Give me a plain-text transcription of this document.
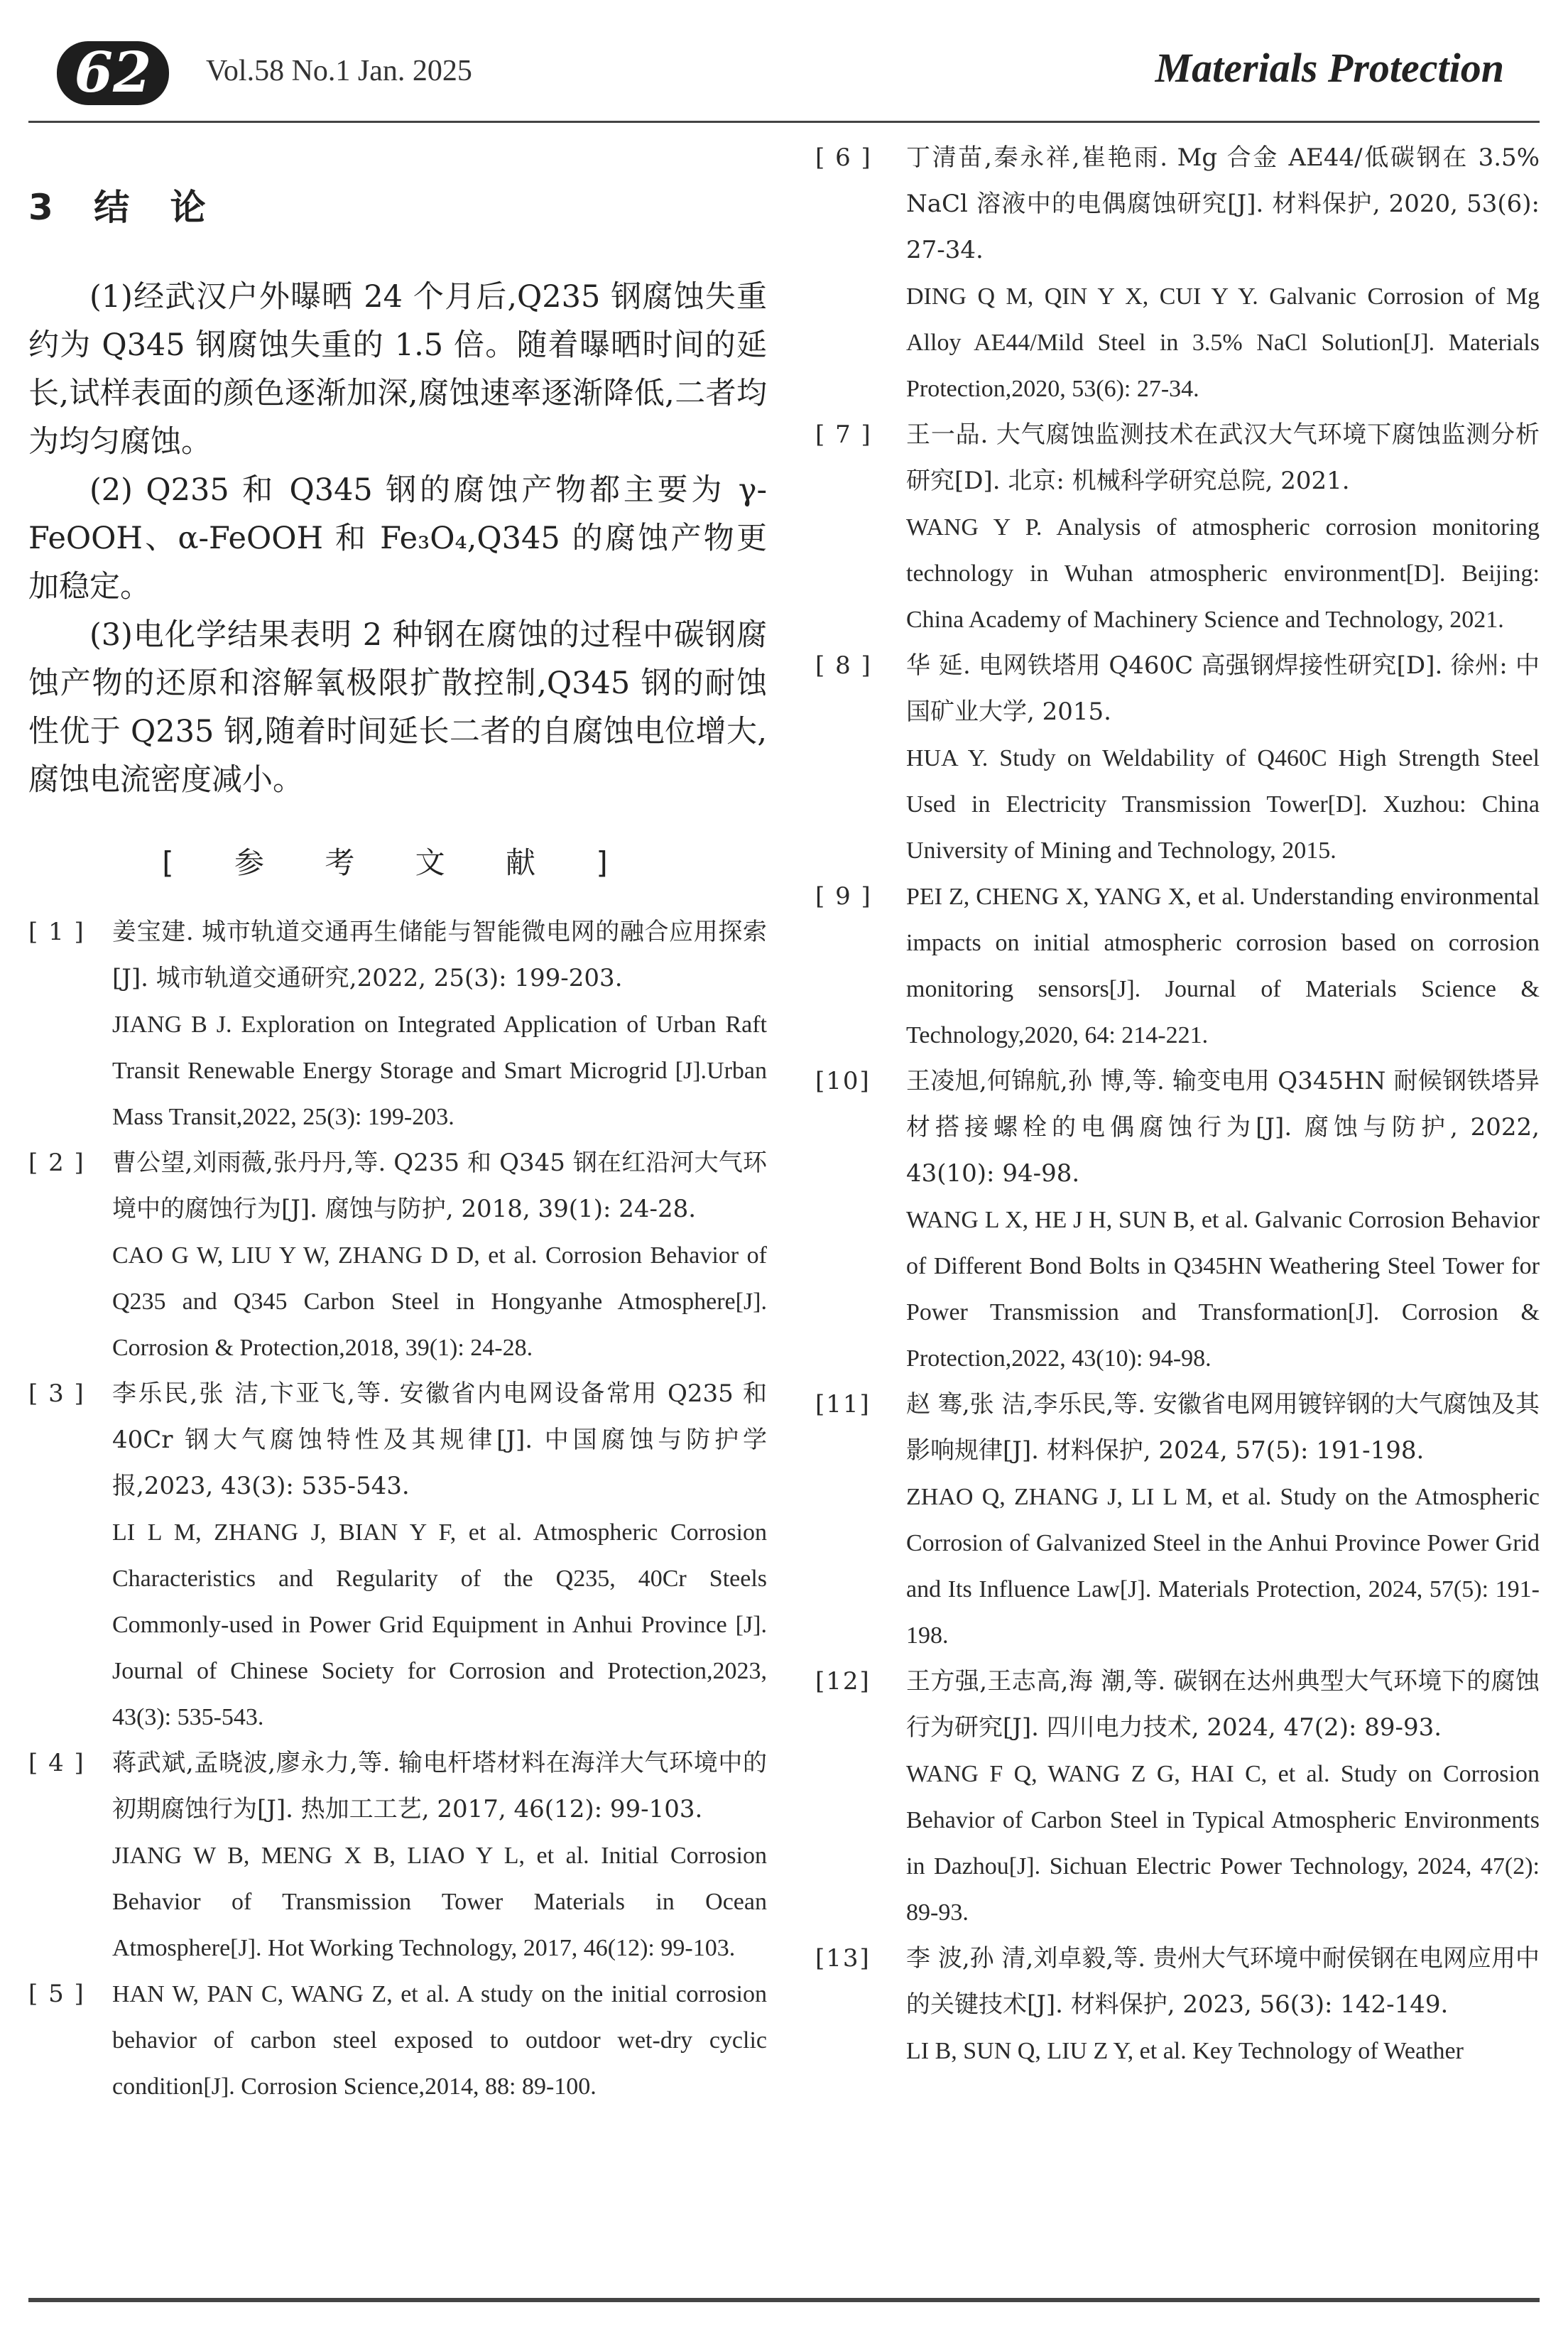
62	Vol.58 No.1 Jan. 2025	Materials Protection
3 结 论

(1)经武汉户外曝晒 24 个月后,Q235 钢腐蚀失重约为 Q345 钢腐蚀失重的 1.5 倍。随着曝晒时间的延长,试样表面的颜色逐渐加深,腐蚀速率逐渐降低,二者均为均匀腐蚀。

(2) Q235 和 Q345 钢的腐蚀产物都主要为 γ-FeOOH、α-FeOOH 和 Fe₃O₄,Q345 的腐蚀产物更加稳定。

(3)电化学结果表明 2 种钢在腐蚀的过程中碳钢腐蚀产物的还原和溶解氧极限扩散控制,Q345 钢的耐蚀性优于 Q235 钢,随着时间延长二者的自腐蚀电位增大,腐蚀电流密度减小。

[ 参 考 文 献 ]
[ 1 ]	姜宝建. 城市轨道交通再生储能与智能微电网的融合应用探索[J]. 城市轨道交通研究,2022, 25(3): 199-203.
JIANG B J. Exploration on Integrated Application of Urban Raft Transit Renewable Energy Storage and Smart Microgrid [J].Urban Mass Transit,2022, 25(3): 199-203.
[ 2 ]	曹公望,刘雨薇,张丹丹,等. Q235 和 Q345 钢在红沿河大气环境中的腐蚀行为[J]. 腐蚀与防护, 2018, 39(1): 24-28.
CAO G W, LIU Y W, ZHANG D D, et al. Corrosion Behavior of Q235 and Q345 Carbon Steel in Hongyanhe Atmosphere[J]. Corrosion & Protection,2018, 39(1): 24-28.
[ 3 ]	李乐民,张 洁,卞亚飞,等. 安徽省内电网设备常用 Q235 和 40Cr 钢大气腐蚀特性及其规律[J]. 中国腐蚀与防护学报,2023, 43(3): 535-543.
LI L M, ZHANG J, BIAN Y F, et al. Atmospheric Corrosion Characteristics and Regularity of the Q235, 40Cr Steels Commonly-used in Power Grid Equipment in Anhui Province [J]. Journal of Chinese Society for Corrosion and Protection,2023, 43(3): 535-543.
[ 4 ]	蒋武斌,孟晓波,廖永力,等. 输电杆塔材料在海洋大气环境中的初期腐蚀行为[J]. 热加工工艺, 2017, 46(12): 99-103.
JIANG W B, MENG X B, LIAO Y L, et al. Initial Corrosion Behavior of Transmission Tower Materials in Ocean Atmosphere[J]. Hot Working Technology, 2017, 46(12): 99-103.
[ 5 ]	HAN W, PAN C, WANG Z, et al. A study on the initial corrosion behavior of carbon steel exposed to outdoor wet-dry cyclic condition[J]. Corrosion Science,2014, 88: 89-100.
[ 6 ]	丁清苗,秦永祥,崔艳雨. Mg 合金 AE44/低碳钢在 3.5% NaCl 溶液中的电偶腐蚀研究[J]. 材料保护, 2020, 53(6): 27-34.
DING Q M, QIN Y X, CUI Y Y. Galvanic Corrosion of Mg Alloy AE44/Mild Steel in 3.5% NaCl Solution[J]. Materials Protection,2020, 53(6): 27-34.
[ 7 ]	王一品. 大气腐蚀监测技术在武汉大气环境下腐蚀监测分析研究[D]. 北京: 机械科学研究总院, 2021.
WANG Y P. Analysis of atmospheric corrosion monitoring technology in Wuhan atmospheric environment[D]. Beijing: China Academy of Machinery Science and Technology, 2021.
[ 8 ]	华 延. 电网铁塔用 Q460C 高强钢焊接性研究[D]. 徐州: 中国矿业大学, 2015.
HUA Y. Study on Weldability of Q460C High Strength Steel Used in Electricity Transmission Tower[D]. Xuzhou: China University of Mining and Technology, 2015.
[ 9 ]	PEI Z, CHENG X, YANG X, et al. Understanding environmental impacts on initial atmospheric corrosion based on corrosion monitoring sensors[J]. Journal of Materials Science & Technology,2020, 64: 214-221.
[10]	王凌旭,何锦航,孙 博,等. 输变电用 Q345HN 耐候钢铁塔异材搭接螺栓的电偶腐蚀行为[J]. 腐蚀与防护, 2022, 43(10): 94-98.
WANG L X, HE J H, SUN B, et al. Galvanic Corrosion Behavior of Different Bond Bolts in Q345HN Weathering Steel Tower for Power Transmission and Transformation[J]. Corrosion & Protection,2022, 43(10): 94-98.
[11]	赵 骞,张 洁,李乐民,等. 安徽省电网用镀锌钢的大气腐蚀及其影响规律[J]. 材料保护, 2024, 57(5): 191-198.
ZHAO Q, ZHANG J, LI L M, et al. Study on the Atmospheric Corrosion of Galvanized Steel in the Anhui Province Power Grid and Its Influence Law[J]. Materials Protection, 2024, 57(5): 191-198.
[12]	王方强,王志高,海 潮,等. 碳钢在达州典型大气环境下的腐蚀行为研究[J]. 四川电力技术, 2024, 47(2): 89-93.
WANG F Q, WANG Z G, HAI C, et al. Study on Corrosion Behavior of Carbon Steel in Typical Atmospheric Environments in Dazhou[J]. Sichuan Electric Power Technology, 2024, 47(2): 89-93.
[13]	李 波,孙 清,刘卓毅,等. 贵州大气环境中耐侯钢在电网应用中的关键技术[J]. 材料保护, 2023, 56(3): 142-149.
LI B, SUN Q, LIU Z Y, et al. Key Technology of Weather
